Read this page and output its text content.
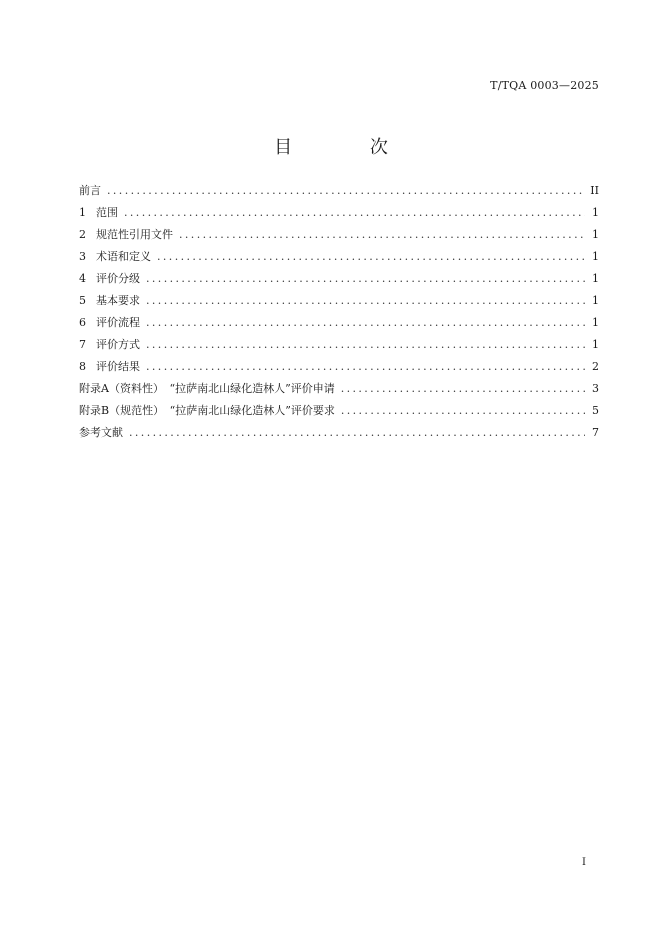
T/TQA 0003—2025
目 次
前言 .....	II
1 范围 .....	1
2 规范性引用文件 .....	1
3 术语和定义 .....	1
4 评价分级 .....	1
5 基本要求 .....	1
6 评价流程 .....	1
7 评价方式 .....	1
8 评价结果 .....	2
附录A（资料性）　“拉萨南北山绿化造林人”评价申请 .....	3
附录B（规范性）　“拉萨南北山绿化造林人”评价要求 .....	5
参考文献 .....	7
I
